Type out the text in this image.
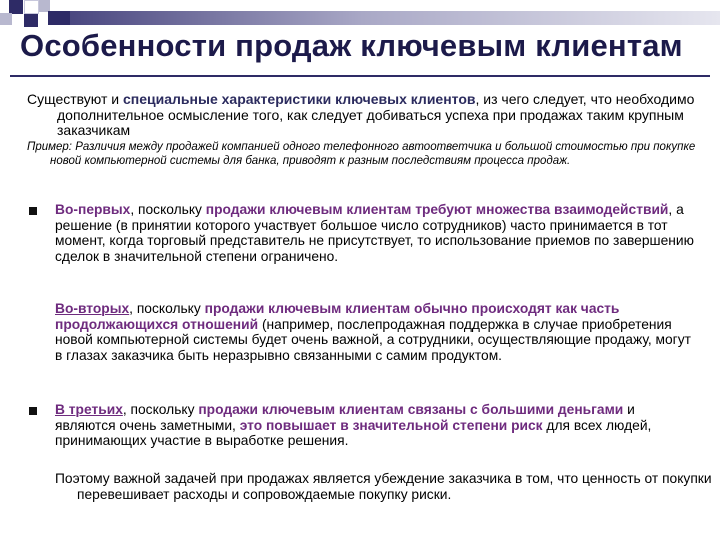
Особенности продаж ключевым клиентам

Существуют и специальные характеристики ключевых клиентов, из чего следует, что необходимо дополнительное осмысление того, как следует добиваться успеха при продажах таким крупным заказчикам

Пример: Различия между продажей компанией одного телефонного автоответчика и большой стоимостью при покупке новой компьютерной системы для банка, приводят к разным последствиям процесса продаж.

Во-первых, поскольку продажи ключевым клиентам требуют множества взаимодействий, а решение (в принятии которого участвует большое число сотрудников) часто принимается в тот момент, когда торговый представитель не присутствует, то использование приемов по завершению сделок в значительной степени ограничено.

Во-вторых, поскольку продажи ключевым клиентам обычно происходят как часть продолжающихся отношений (например, послепродажная поддержка в случае приобретения новой компьютерной системы будет очень важной, а сотрудники, осуществляющие продажу, могут в глазах заказчика быть неразрывно связанными с самим продуктом.

В третьих, поскольку продажи ключевым клиентам связаны с большими деньгами и являются очень заметными, это повышает в значительной степени риск для всех людей, принимающих участие в выработке решения.

Поэтому важной задачей при продажах является убеждение заказчика в том, что ценность от покупки перевешивает расходы и сопровождаемые покупку риски.
